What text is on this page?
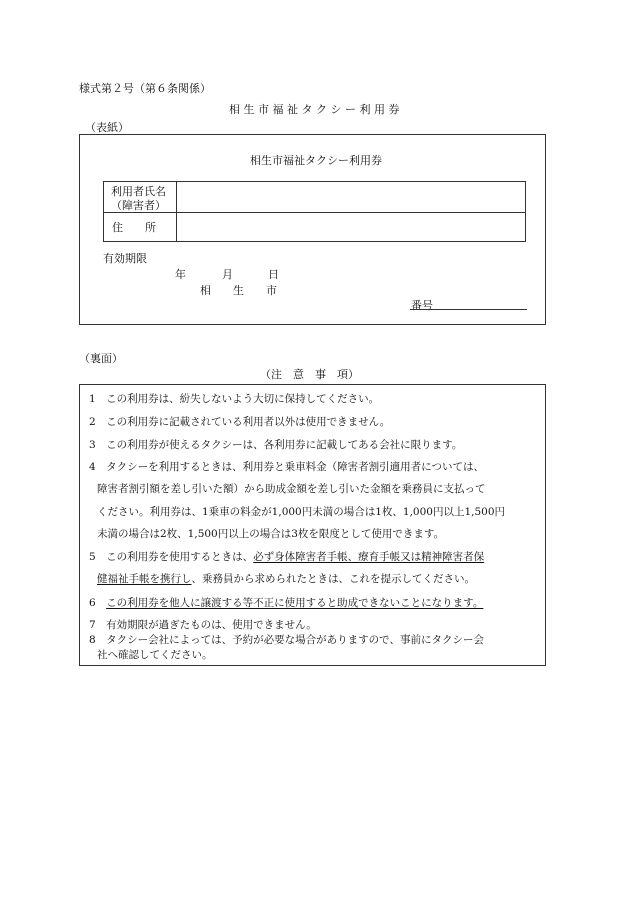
様式第２号（第６条関係）
相 生 市 福 祉 タ ク シ ー 利 用 券
（表紙）
相生市福祉タクシー利用券
利用者氏名
（障害者）
住　　所
有効期限
年	月	日
相　　生　　市
番号
（裏面）
（注　意　事　項）
1　この利用券は、紛失しないよう大切に保持してください。
2　この利用券に記載されている利用者以外は使用できません。
3　この利用券が使えるタクシーは、各利用券に記載してある会社に限ります。
4　タクシーを利用するときは、利用券と乗車料金（障害者割引適用者については、
障害者割引額を差し引いた額）から助成金額を差し引いた金額を乗務員に支払って
ください。利用券は、1乗車の料金が1,000円未満の場合は1枚、1,000円以上1,500円
未満の場合は2枚、1,500円以上の場合は3枚を限度として使用できます。
5　この利用券を使用するときは、必ず身体障害者手帳、療育手帳又は精神障害者保
健福祉手帳を携行し、乗務員から求められたときは、これを提示してください。
6　この利用券を他人に譲渡する等不正に使用すると助成できないことになります。
7　有効期限が過ぎたものは、使用できません。
8　タクシー会社によっては、予約が必要な場合がありますので、事前にタクシー会
社へ確認してください。
